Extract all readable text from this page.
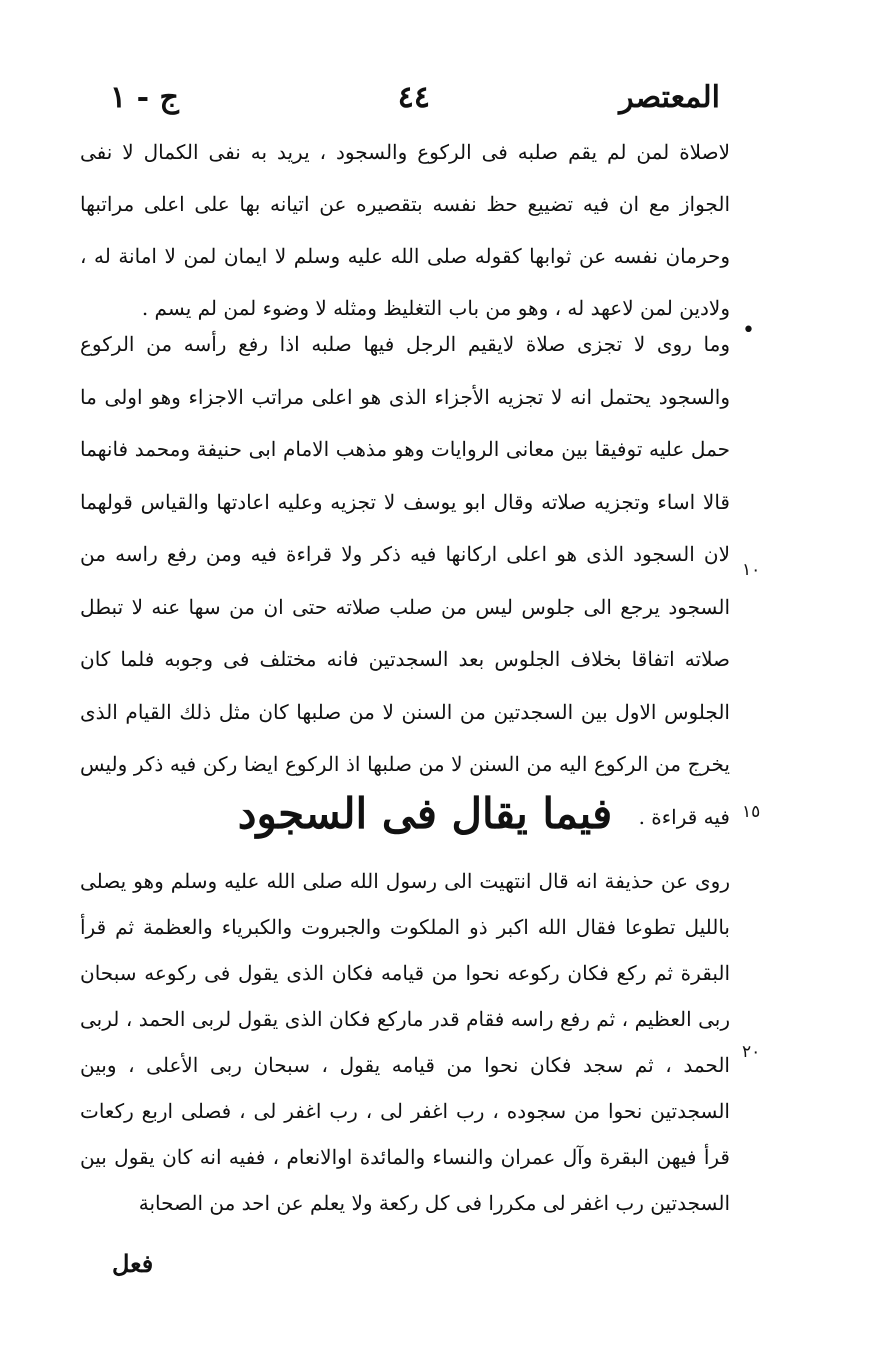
المعتصر
٤٤
ج - ١

لاصلاة لمن لم يقم صلبه فى الركوع والسجود ، يريد به نفى الكمال لا نفى الجواز مع ان فيه تضييع حظ نفسه بتقصيره عن اتيانه بها على اعلى مراتبها وحرمان نفسه عن ثوابها كقوله صلى الله عليه وسلم لا ايمان لمن لا امانة له ، ولادين لمن لاعهد له ، وهو من باب التغليظ ومثله لا وضوء لمن لم يسم .

وما روى لا تجزى صلاة لايقيم الرجل فيها صلبه اذا رفع رأسه من الركوع والسجود يحتمل انه لا تجزيه الأجزاء الذى هو اعلى مراتب الاجزاء وهو اولى ما حمل عليه توفيقا بين معانى الروايات وهو مذهب الامام ابى حنيفة ومحمد فانهما قالا اساء وتجزيه صلاته وقال ابو يوسف لا تجزيه وعليه اعادتها والقياس قولهما لان السجود الذى هو اعلى اركانها فيه ذكر ولا قراءة فيه ومن رفع راسه من السجود يرجع الى جلوس ليس من صلب صلاته حتى ان من سها عنه لا تبطل صلاته اتفاقا بخلاف الجلوس بعد السجدتين فانه مختلف فى وجوبه فلما كان الجلوس الاول بين السجدتين من السنن لا من صلبها كان مثل ذلك القيام الذى يخرج من الركوع اليه من السنن لا من صلبها اذ الركوع ايضا ركن فيه ذكر وليس فيه قراءة .

فيما يقال فى السجود

روى عن حذيفة انه قال انتهيت الى رسول الله صلى الله عليه وسلم وهو يصلى بالليل تطوعا فقال الله اكبر ذو الملكوت والجبروت والكبرياء والعظمة ثم قرأ البقرة ثم ركع فكان ركوعه نحوا من قيامه فكان الذى يقول فى ركوعه سبحان ربى العظيم ، ثم رفع راسه فقام قدر ماركع فكان الذى يقول لربى الحمد ، لربى الحمد ، ثم سجد فكان نحوا من قيامه يقول ، سبحان ربى الأعلى ، وبين السجدتين نحوا من سجوده ، رب اغفر لى ، رب اغفر لى ، فصلى اربع ركعات قرأ فيهن البقرة وآل عمران والنساء والمائدة اوالانعام ، ففيه انه كان يقول بين السجدتين رب اغفر لى مكررا فى كل ركعة ولا يعلم عن احد من الصحابة

فعل
•
١٠
١٥
٢٠
